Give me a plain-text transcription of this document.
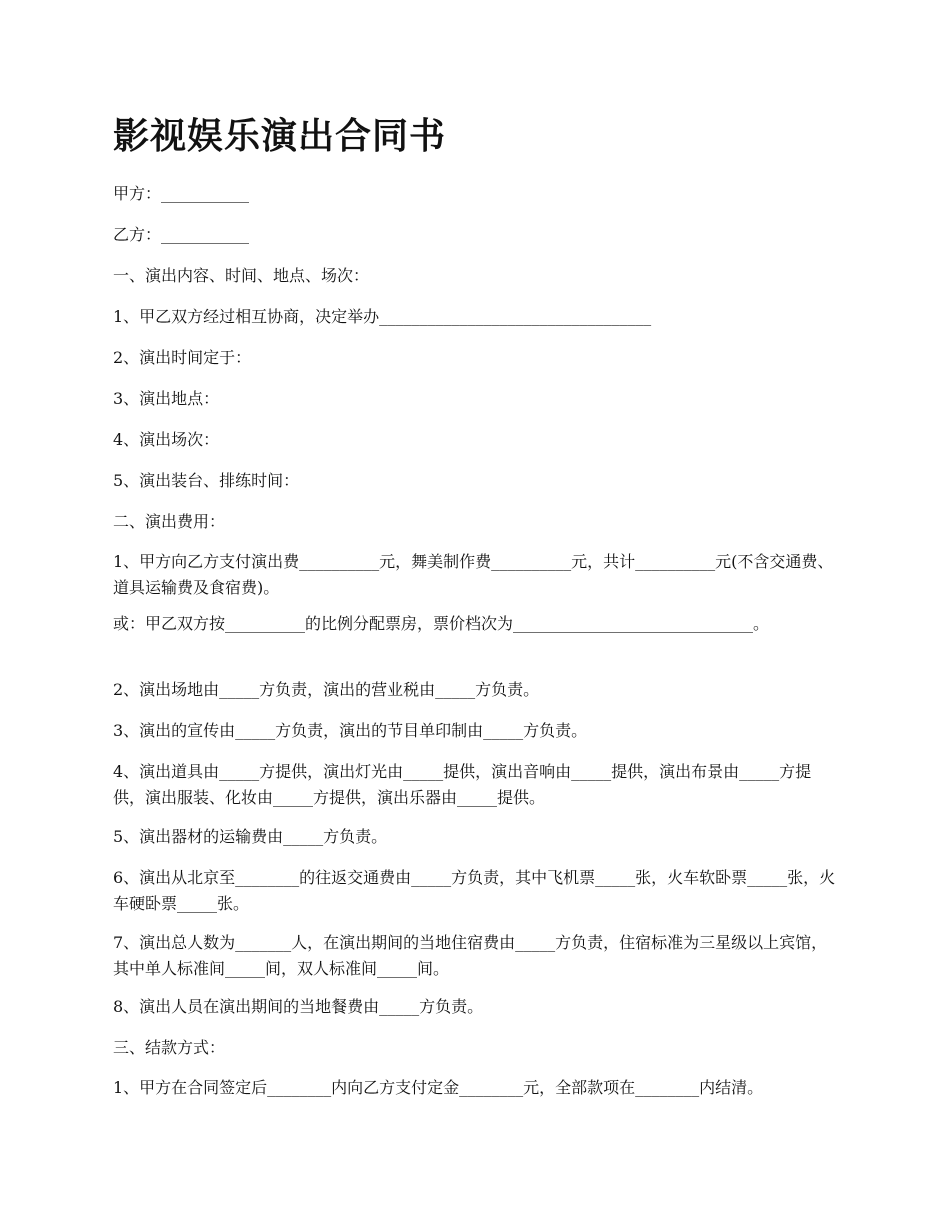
影视娱乐演出合同书
甲方：___________
乙方：___________
一、演出内容、时间、地点、场次：
1、甲乙双方经过相互协商，决定举办__________________________________
2、演出时间定于：
3、演出地点：
4、演出场次：
5、演出装台、排练时间：
二、演出费用：
1、甲方向乙方支付演出费__________元，舞美制作费__________元，共计__________元(不含交通费、道具运输费及食宿费)。
或：甲乙双方按__________的比例分配票房，票价档次为______________________________。
2、演出场地由_____方负责，演出的营业税由_____方负责。
3、演出的宣传由_____方负责，演出的节目单印制由_____方负责。
4、演出道具由_____方提供，演出灯光由_____提供，演出音响由_____提供，演出布景由_____方提供，演出服装、化妆由_____方提供，演出乐器由_____提供。
5、演出器材的运输费由_____方负责。
6、演出从北京至________的往返交通费由_____方负责，其中飞机票_____张，火车软卧票_____张，火车硬卧票_____张。
7、演出总人数为_______人，在演出期间的当地住宿费由_____方负责，住宿标准为三星级以上宾馆，其中单人标准间_____间，双人标准间_____间。
8、演出人员在演出期间的当地餐费由_____方负责。
三、结款方式：
1、甲方在合同签定后________内向乙方支付定金________元，全部款项在________内结清。
